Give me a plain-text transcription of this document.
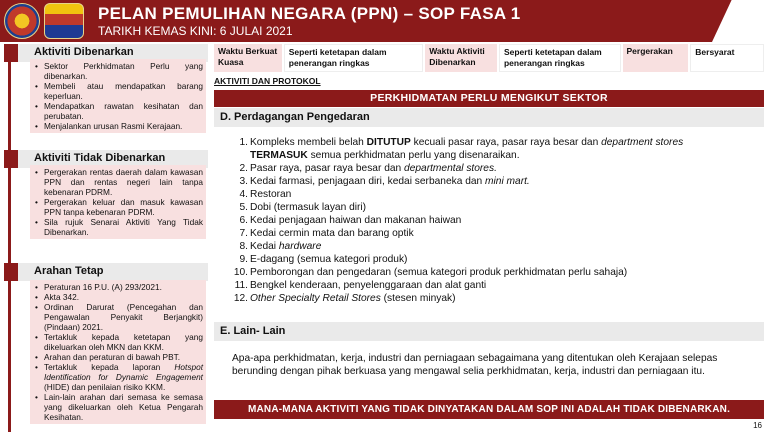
PELAN PEMULIHAN NEGARA (PPN) – SOP FASA 1
TARIKH KEMAS KINI: 6 JULAI 2021
Aktiviti Dibenarkan
• Sektor Perkhidmatan Perlu yang dibenarkan.
• Membeli atau mendapatkan barang keperluan.
• Mendapatkan rawatan kesihatan dan perubatan.
• Menjalankan urusan Rasmi Kerajaan.
Aktiviti Tidak Dibenarkan
• Pergerakan rentas daerah dalam kawasan PPN dan rentas negeri lain tanpa kebenaran PDRM.
• Pergerakan keluar dan masuk kawasan PPN tanpa kebenaran PDRM.
• Sila rujuk Senarai Aktiviti Yang Tidak Dibenarkan.
Arahan Tetap
• Peraturan 16 P.U. (A) 293/2021.
• Akta 342.
• Ordinan Darurat (Pencegahan dan Pengawalan Penyakit Berjangkit) (Pindaan) 2021.
• Tertakluk kepada ketetapan yang dikeluarkan oleh MKN dan KKM.
• Arahan dan peraturan di bawah PBT.
• Tertakluk kepada laporan Hotspot Identification for Dynamic Engagement (HIDE) dan penilaian risiko KKM.
• Lain-lain arahan dari semasa ke semasa yang dikeluarkan oleh Ketua Pengarah Kesihatan.
Waktu Berkuat Kuasa
Seperti ketetapan dalam penerangan ringkas
Waktu Aktiviti Dibenarkan
Seperti ketetapan dalam penerangan ringkas
Pergerakan	Bersyarat
AKTIVITI DAN PROTOKOL
PERKHIDMATAN PERLU MENGIKUT SEKTOR
D. Perdagangan Pengedaran
1. Kompleks membeli belah DITUTUP kecuali pasar raya, pasar raya besar dan department stores
TERMASUK semua perkhidmatan perlu yang disenaraikan.
2. Pasar raya, pasar raya besar dan departmental stores.
3. Kedai farmasi, penjagaan diri, kedai serbaneka dan mini mart.
4. Restoran
5. Dobi (termasuk layan diri)
6. Kedai penjagaan haiwan dan makanan haiwan
7. Kedai cermin mata dan barang optik
8. Kedai hardware
9. E-dagang (semua kategori produk)
10. Pemborongan dan pengedaran (semua kategori produk perkhidmatan perlu sahaja)
11. Bengkel kenderaan, penyelenggaraan dan alat ganti
12. Other Specialty Retail Stores (stesen minyak)
E. Lain- Lain
Apa-apa perkhidmatan, kerja, industri dan perniagaan sebagaimana yang ditentukan oleh Kerajaan selepas berunding dengan pihak berkuasa yang mengawal selia perkhidmatan, kerja, industri dan perniagaan itu.
MANA-MANA AKTIVITI YANG TIDAK DINYATAKAN DALAM SOP INI ADALAH TIDAK DIBENARKAN.
16
